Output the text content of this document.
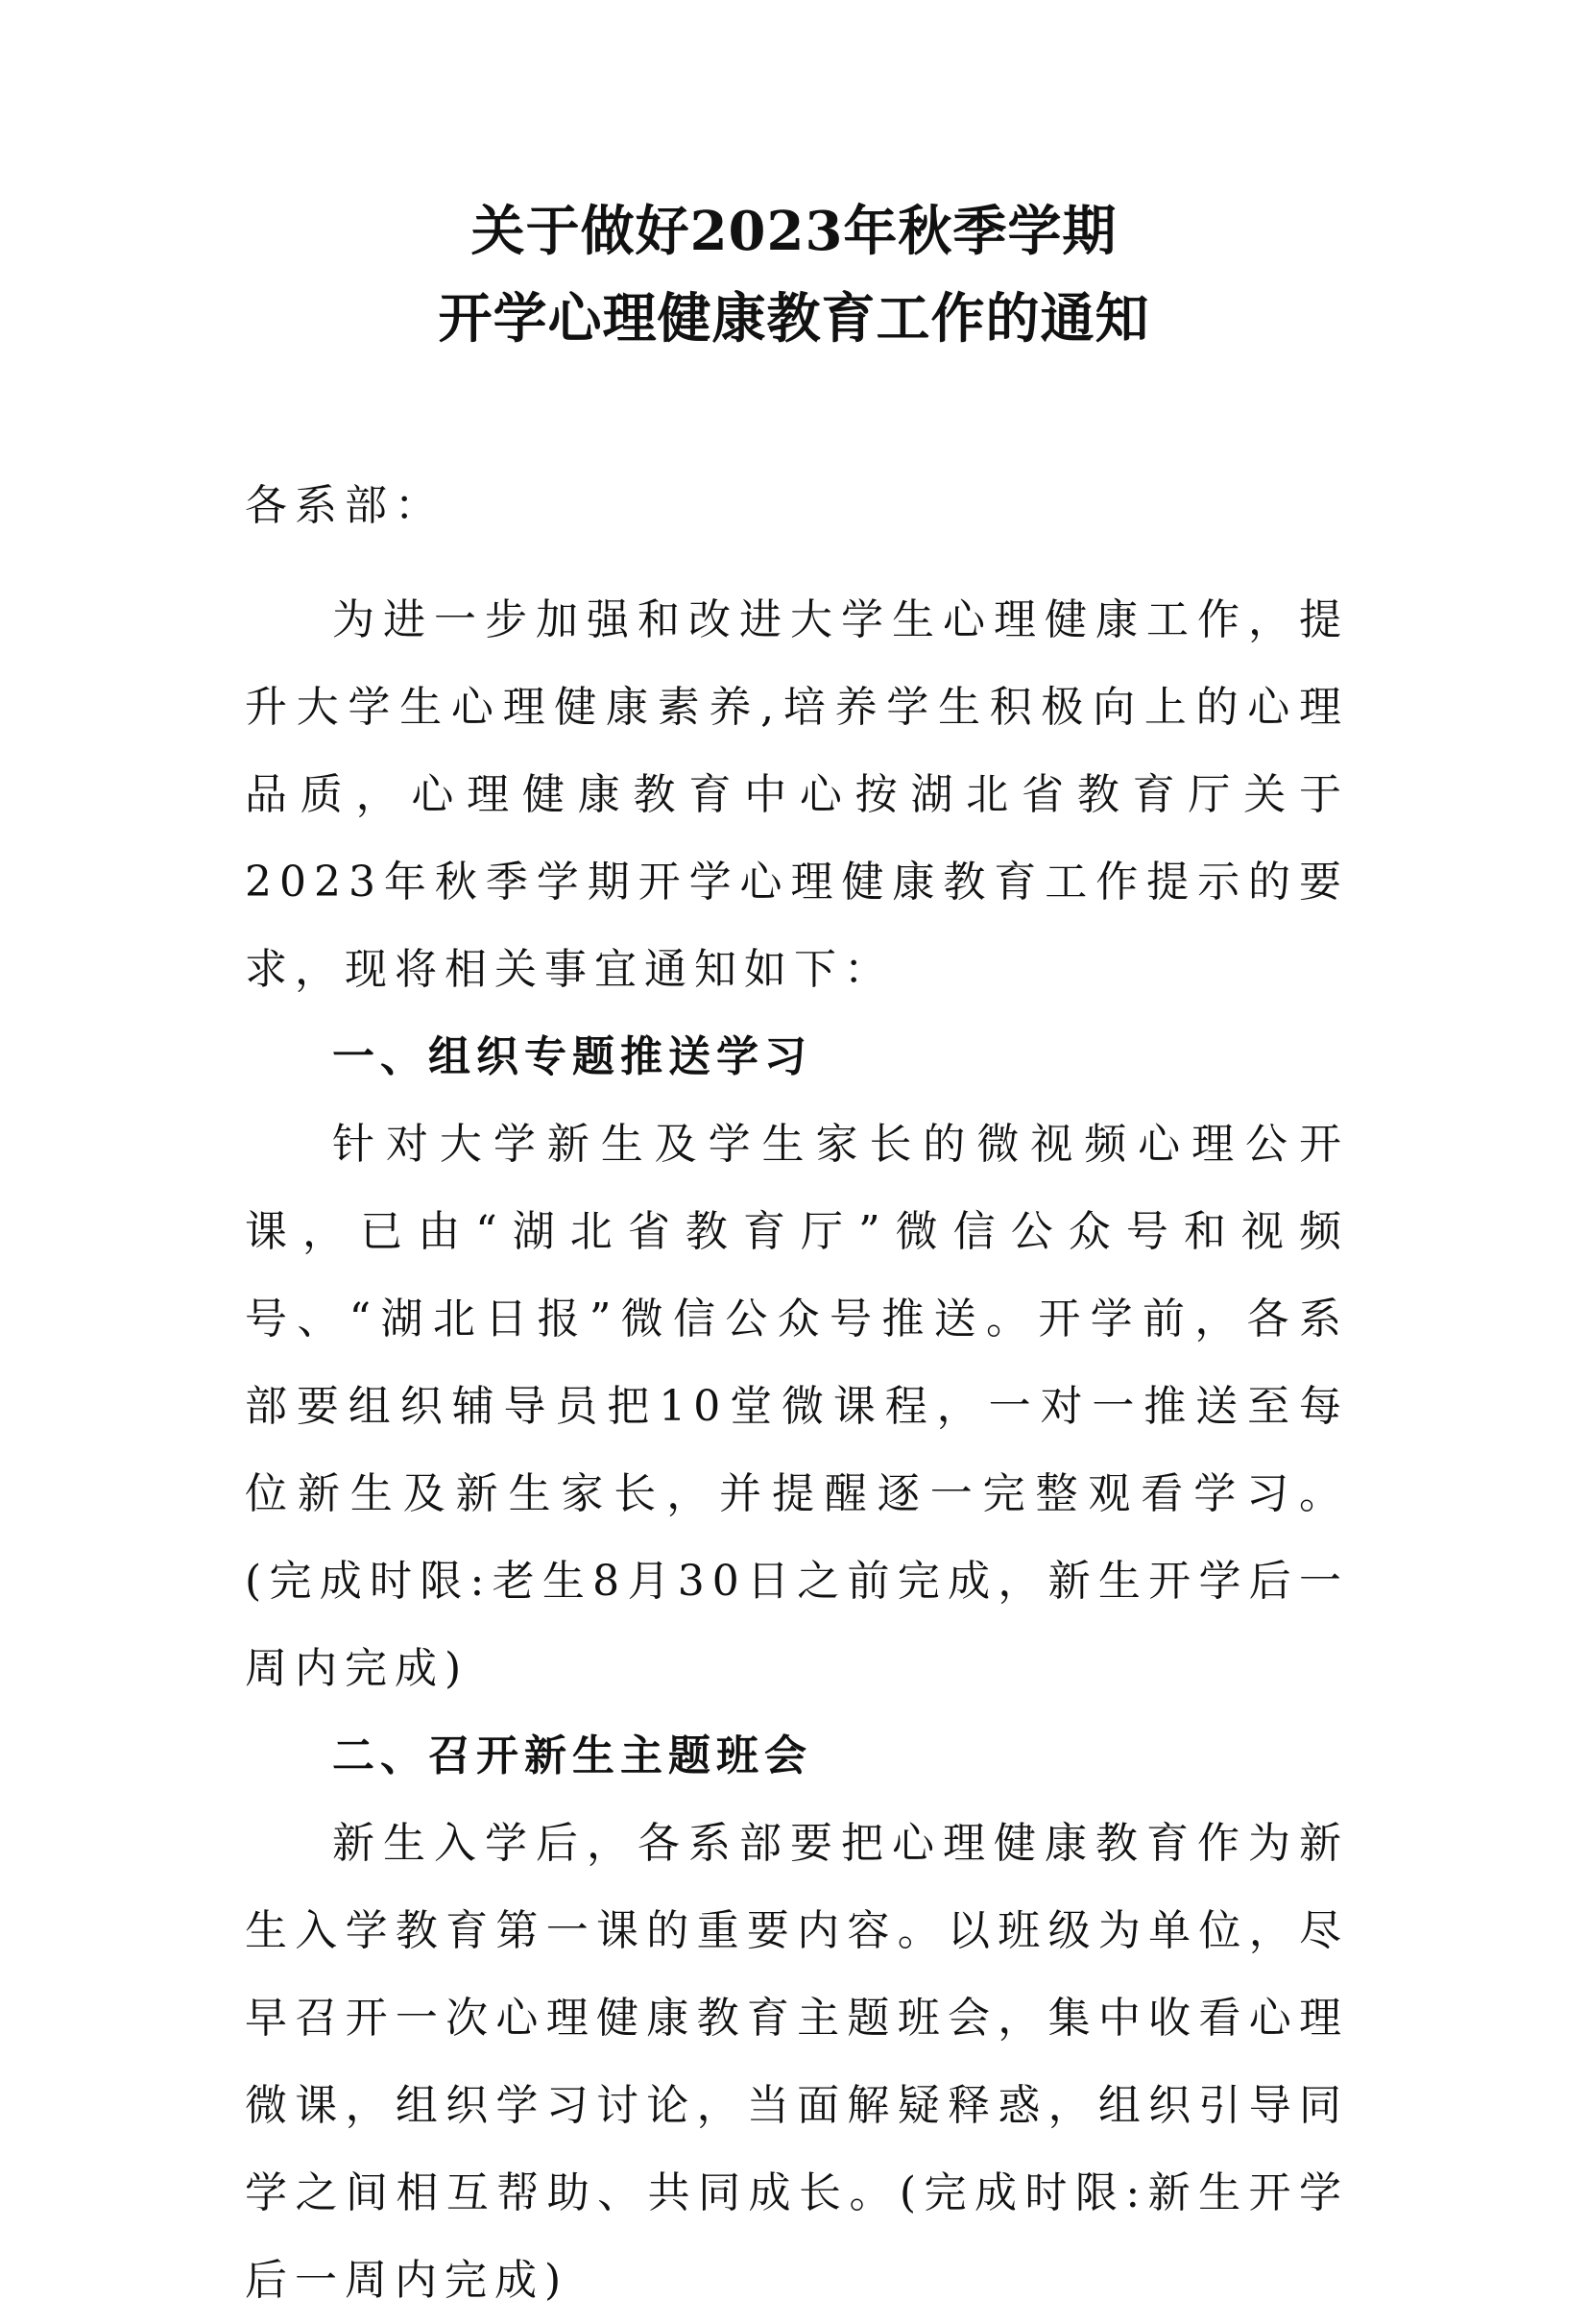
关于做好2023年秋季学期
开学心理健康教育工作的通知
各系部：

为进一步加强和改进大学生心理健康工作，提升大学生心理健康素养,培养学生积极向上的心理品质，心理健康教育中心按湖北省教育厅关于2023年秋季学期开学心理健康教育工作提示的要求，现将相关事宜通知如下：

一、组织专题推送学习

针对大学新生及学生家长的微视频心理公开课，已由“湖北省教育厅”微信公众号和视频号、“湖北日报”微信公众号推送。开学前，各系部要组织辅导员把10堂微课程，一对一推送至每位新生及新生家长，并提醒逐一完整观看学习。(完成时限:老生8月30日之前完成，新生开学后一周内完成)

二、召开新生主题班会

新生入学后，各系部要把心理健康教育作为新生入学教育第一课的重要内容。以班级为单位，尽早召开一次心理健康教育主题班会，集中收看心理微课，组织学习讨论，当面解疑释惑，组织引导同学之间相互帮助、共同成长。(完成时限:新生开学后一周内完成)
